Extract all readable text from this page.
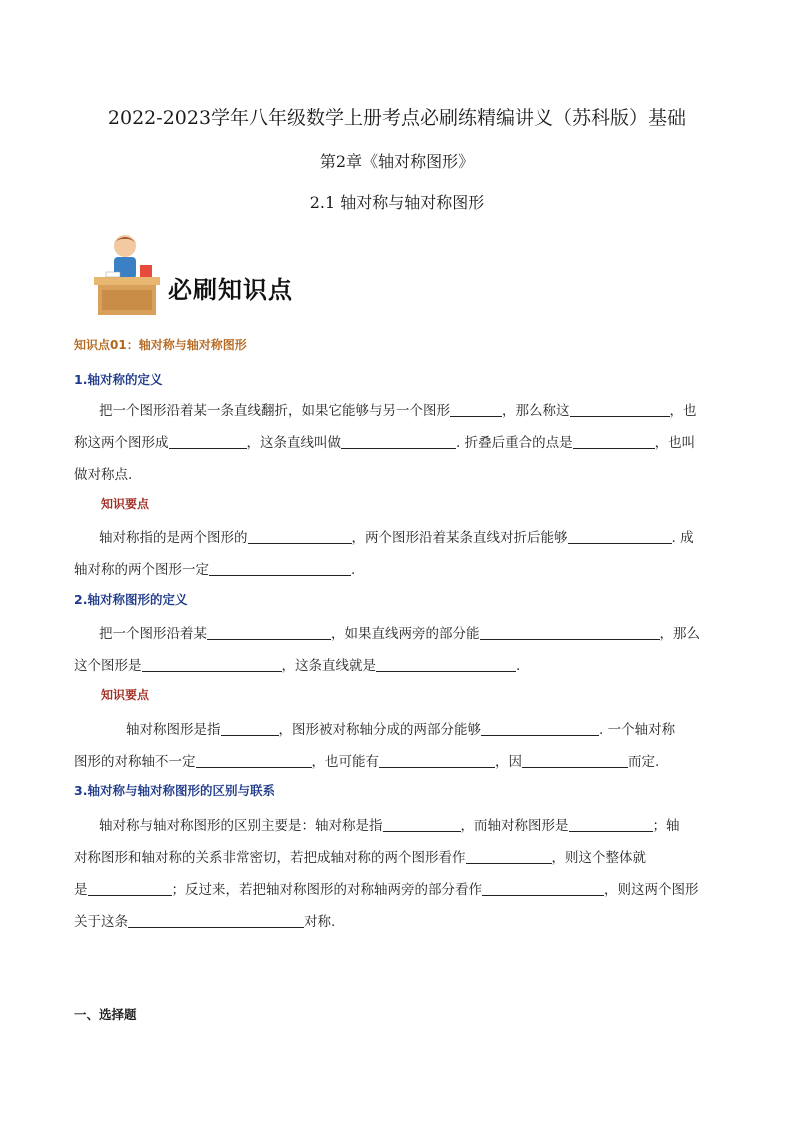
2022-2023学年八年级数学上册考点必刷练精编讲义（苏科版）基础
第2章《轴对称图形》
2.1 轴对称与轴对称图形
必刷知识点
知识点01：轴对称与轴对称图形
1.轴对称的定义
把一个图形沿着某一条直线翻折，如果它能够与另一个图形	，那么称这	，也
称这两个图形成	，这条直线叫做	. 折叠后重合的点是	，也叫
做对称点.
知识要点
轴对称指的是两个图形的	，两个图形沿着某条直线对折后能够	. 成
轴对称的两个图形一定	.
2.轴对称图形的定义
把一个图形沿着某	，如果直线两旁的部分能	，那么
这个图形是	，这条直线就是	.
知识要点
轴对称图形是指	，图形被对称轴分成的两部分能够	. 一个轴对称
图形的对称轴不一定	，也可能有	，因	而定.
3.轴对称与轴对称图形的区别与联系
轴对称与轴对称图形的区别主要是：轴对称是指	，而轴对称图形是	；轴
对称图形和轴对称的关系非常密切，若把成轴对称的两个图形看作	，则这个整体就
是	；反过来，若把轴对称图形的对称轴两旁的部分看作	，则这两个图形
关于这条	对称.
一、选择题
